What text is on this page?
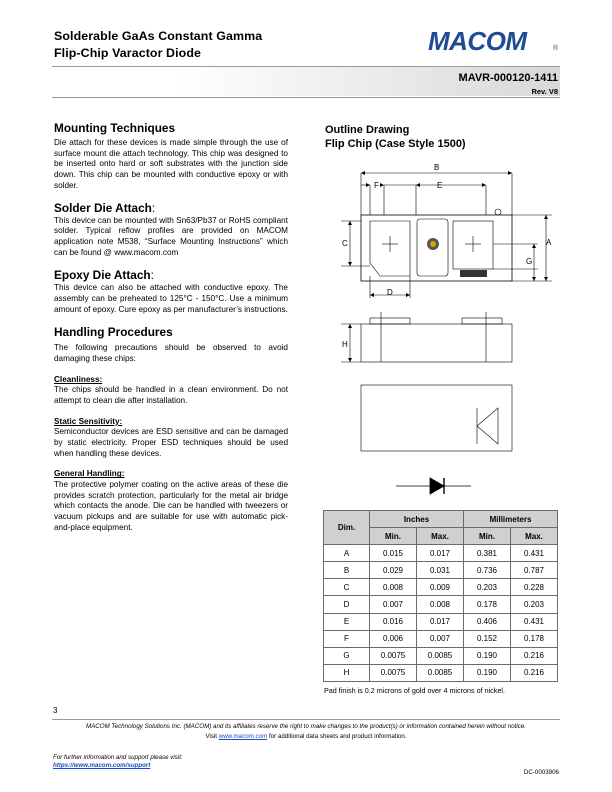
Solderable GaAs Constant Gamma
Flip-Chip Varactor Diode	MACOM	®
MAVR-000120-1411
Rev. V8

Mounting Techniques

Die attach for these devices is made simple through the use of surface mount die attach technology. This chip was designed to be inserted onto hard or soft substrates with the junction side down. This chip can be mounted with conductive epoxy or with solder.

Solder Die Attach:

This device can be mounted with Sn63/Pb37 or RoHS compliant solder. Typical reflow profiles are provided on MACOM application note M538, “Surface Mounting Instructions” which can be found @ www.macom.com

Epoxy Die Attach:

This device can also be attached with conductive epoxy. The assembly can be preheated to 125°C - 150°C. Use a minimum amount of epoxy. Cure epoxy as per manufacturer’s instructions.

Handling Procedures

The following precautions should be observed to avoid damaging these chips:

Cleanliness:

The chips should be handled in a clean environment. Do not attempt to clean die after installation.

Static Sensitivity:

Semiconductor devices are ESD sensitive and can be damaged by static electricity. Proper ESD techniques should be used when handling these devices.

General Handling:

The protective polymer coating on the active areas of these die provides scratch protection, particularly for the metal air bridge which contacts the anode. Die can be handled with tweezers or vacuum pickups and are suitable for use with automatic pick-and-place equipment.

Outline Drawing
Flip Chip (Case Style 1500)
B
F	E
C	A
G
D
H
Dim.	Inches		Millimeters	
	Min.	Max.	Min.	Max.
A	0.015	0.017	0.381	0.431
B	0.029	0.031	0.736	0.787
C	0.008	0.009	0.203	0.228
D	0.007	0.008	0.178	0.203
E	0.016	0.017	0.406	0.431
F	0.006	0.007	0.152	0.178
G	0.0075	0.0085	0.190	0.216
H	0.0075	0.0085	0.190	0.216
Pad finish is 0.2 microns of gold over 4 microns of nickel.
3
MACOM Technology Solutions Inc. (MACOM) and its affiliates reserve the right to make changes to the product(s) or information contained herein without notice.
Visit www.macom.com for additional data sheets and product information.
For further information and support please visit:
https://www.macom.com/support
DC-0003906
